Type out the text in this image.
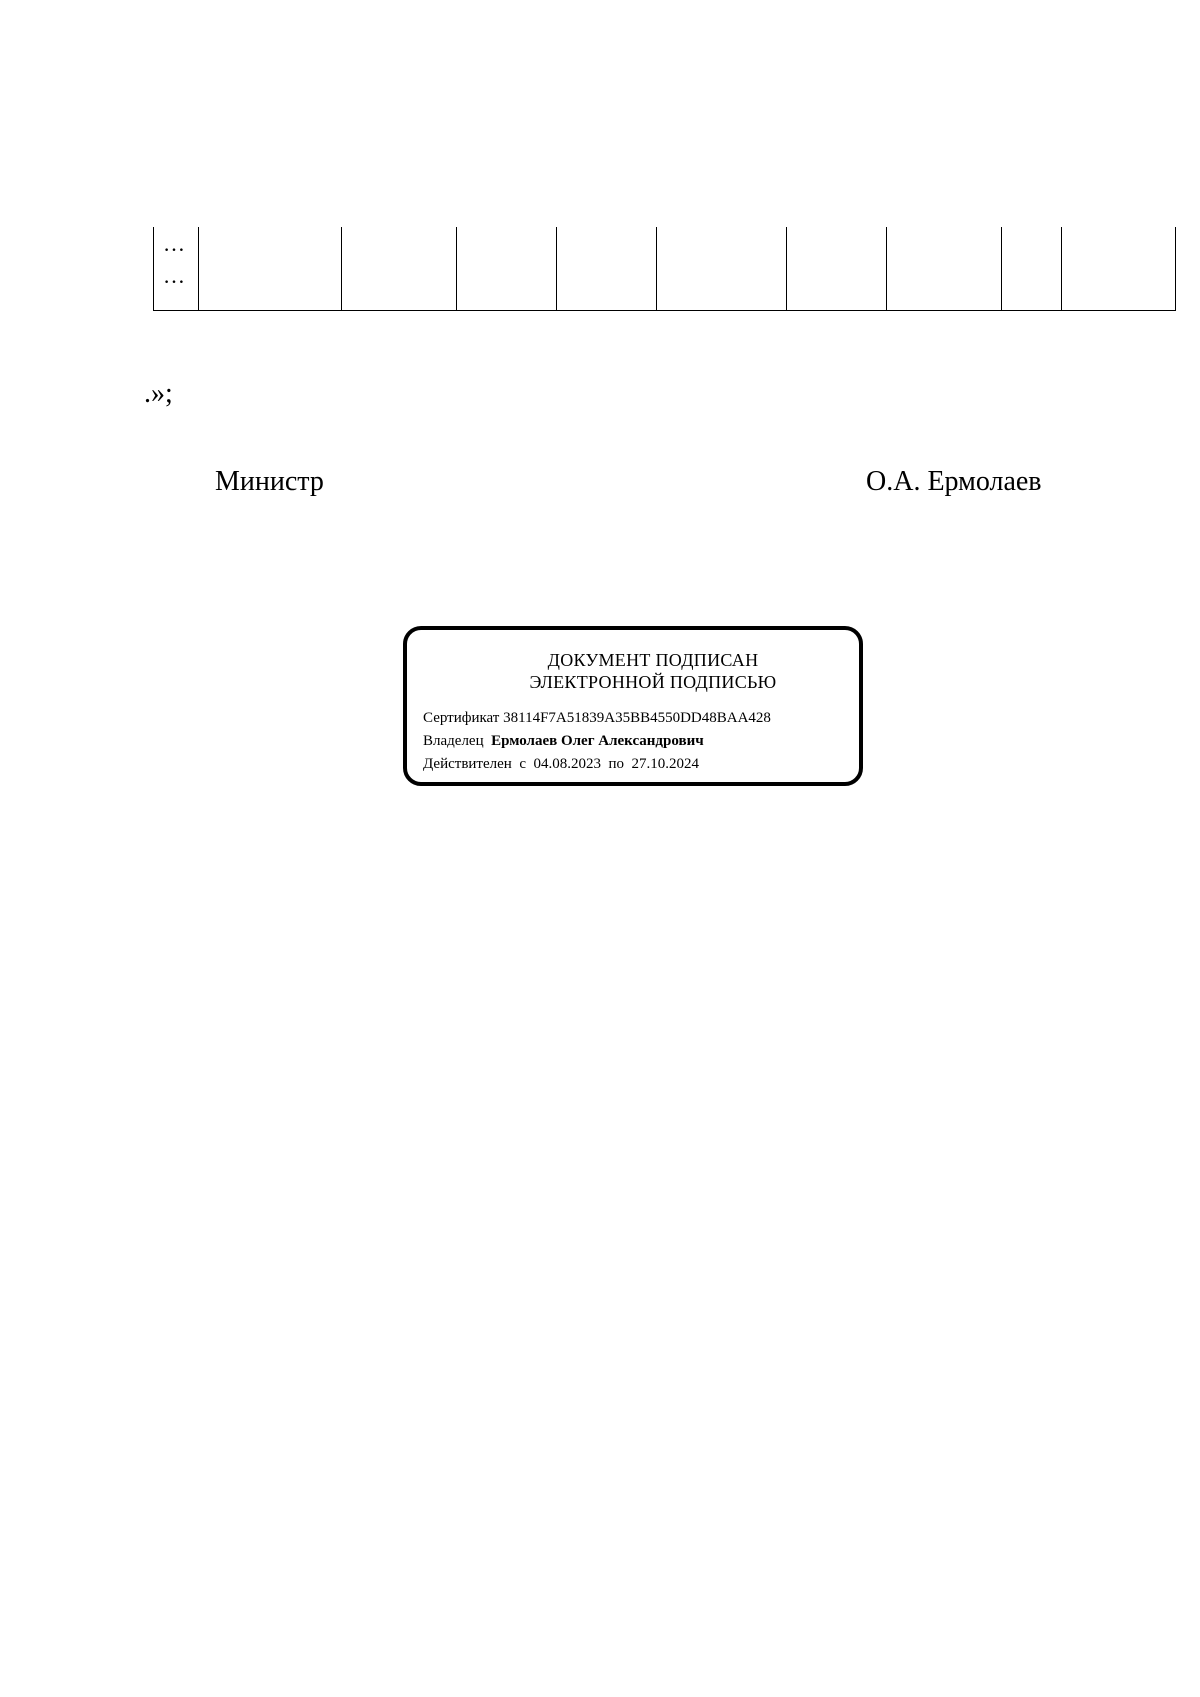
…
…
.»;
Министр	О.А. Ермолаев
ДОКУМЕНТ ПОДПИСАН
ЭЛЕКТРОННОЙ ПОДПИСЬЮ
Сертификат 38114F7A51839A35BB4550DD48BAA428
Владелец Ермолаев Олег Александрович
Действителен с 04.08.2023 по 27.10.2024
